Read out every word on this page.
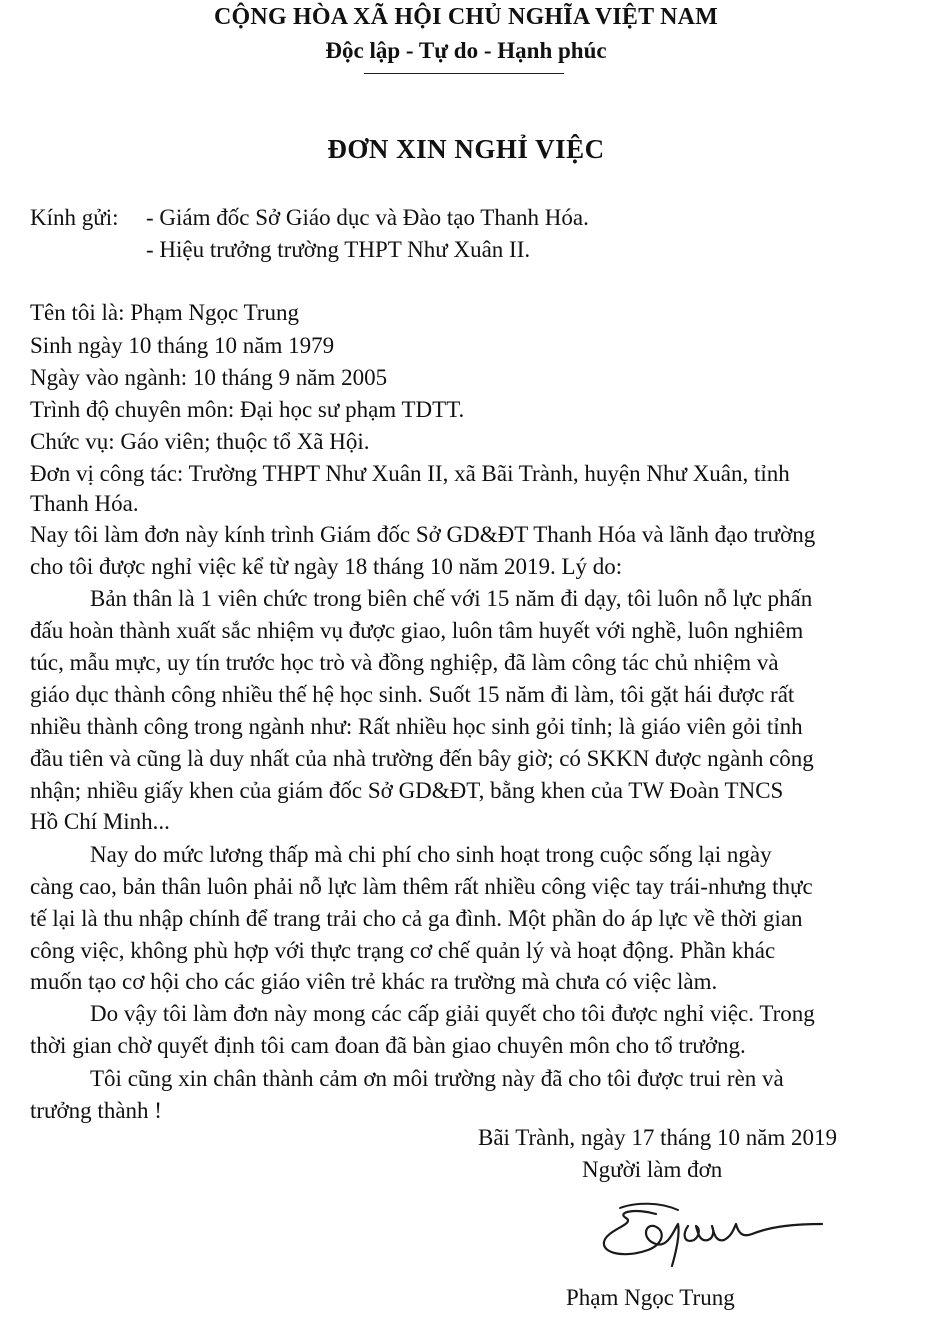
CỘNG HÒA XÃ HỘI CHỦ NGHĨA VIỆT NAM
Độc lập - Tự do - Hạnh phúc
ĐƠN XIN NGHỈ VIỆC
Kính gửi: - Giám đốc Sở Giáo dục và Đào tạo Thanh Hóa.
- Hiệu trưởng trường THPT Như Xuân II.
Tên tôi là: Phạm Ngọc Trung
Sinh ngày 10 tháng 10 năm 1979
Ngày vào ngành: 10 tháng 9 năm 2005
Trình độ chuyên môn: Đại học sư phạm TDTT.
Chức vụ: Gáo viên; thuộc tổ Xã Hội.
Đơn vị công tác: Trường THPT Như Xuân II, xã Bãi Trành, huyện Như Xuân, tỉnh
Thanh Hóa.
Nay tôi làm đơn này kính trình Giám đốc Sở GD&ĐT Thanh Hóa và lãnh đạo trường
cho tôi được nghỉ việc kể từ ngày 18 tháng 10 năm 2019. Lý do:
Bản thân là 1 viên chức trong biên chế với 15 năm đi dạy, tôi luôn nỗ lực phấn
đấu hoàn thành xuất sắc nhiệm vụ được giao, luôn tâm huyết với nghề, luôn nghiêm
túc, mẫu mực, uy tín trước học trò và đồng nghiệp, đã làm công tác chủ nhiệm và
giáo dục thành công nhiều thế hệ học sinh. Suốt 15 năm đi làm, tôi gặt hái được rất
nhiều thành công trong ngành như: Rất nhiều học sinh gỏi tỉnh; là giáo viên gỏi tỉnh
đầu tiên và cũng là duy nhất của nhà trường đến bây giờ; có SKKN được ngành công
nhận; nhiều giấy khen của giám đốc Sở GD&ĐT, bằng khen của TW Đoàn TNCS
Hồ Chí Minh...
Nay do mức lương thấp mà chi phí cho sinh hoạt trong cuộc sống lại ngày
càng cao, bản thân luôn phải nỗ lực làm thêm rất nhiều công việc tay trái-nhưng thực
tế lại là thu nhập chính để trang trải cho cả ga đình. Một phần do áp lực về thời gian
công việc, không phù hợp với thực trạng cơ chế quản lý và hoạt động. Phần khác
muốn tạo cơ hội cho các giáo viên trẻ khác ra trường mà chưa có việc làm.
Do vậy tôi làm đơn này mong các cấp giải quyết cho tôi được nghỉ việc. Trong
thời gian chờ quyết định tôi cam đoan đã bàn giao chuyên môn cho tổ trưởng.
Tôi cũng xin chân thành cảm ơn môi trường này đã cho tôi được trui rèn và
trưởng thành !
Bãi Trành, ngày 17 tháng 10 năm 2019
Người làm đơn
Phạm Ngọc Trung
